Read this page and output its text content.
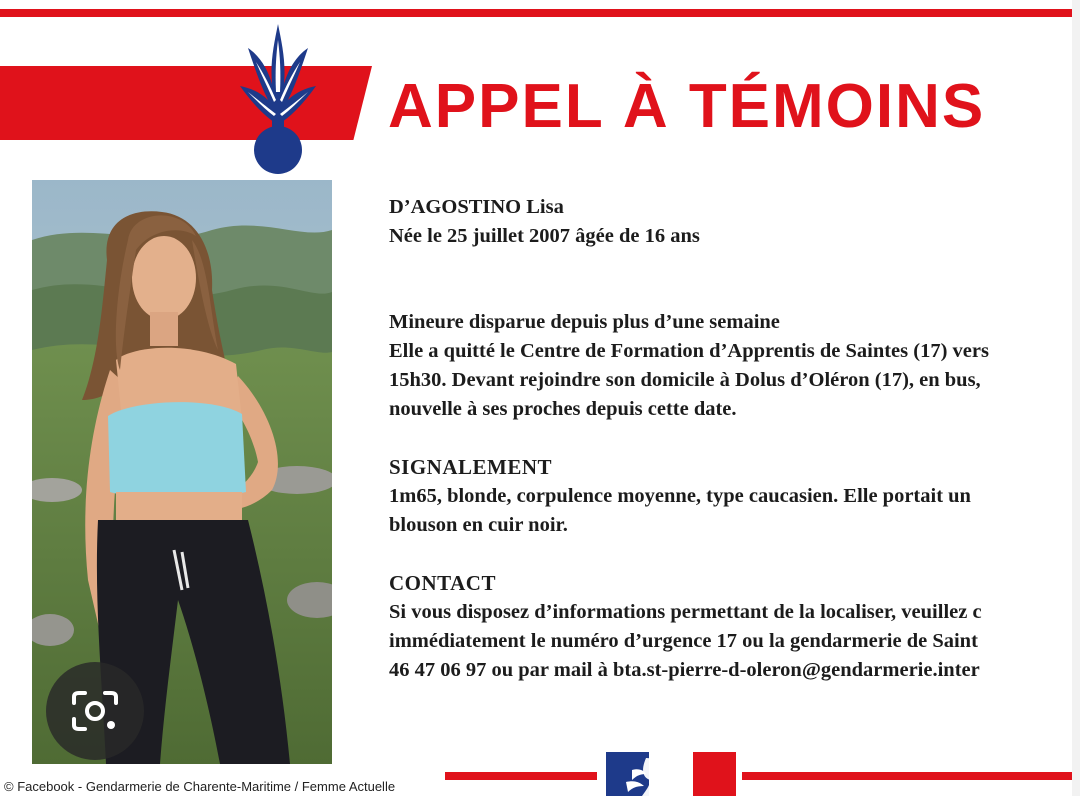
APPEL À TÉMOINS
D’AGOSTINO Lisa
Née le 25 juillet 2007 âgée de 16 ans
Mineure disparue depuis plus d’une semaine
Elle a quitté le Centre de Formation d’Apprentis de Saintes (17) vers
15h30. Devant rejoindre son domicile à Dolus d’Oléron (17), en bus,
nouvelle à ses proches depuis cette date.
SIGNALEMENT
1m65, blonde, corpulence moyenne, type caucasien. Elle portait un
blouson en cuir noir.
CONTACT
Si vous disposez d’informations permettant de la localiser, veuillez c
immédiatement le numéro d’urgence 17 ou la gendarmerie de Saint
46 47 06 97 ou par mail à bta.st-pierre-d-oleron@gendarmerie.inter
© Facebook - Gendarmerie de Charente-Maritime / Femme Actuelle
